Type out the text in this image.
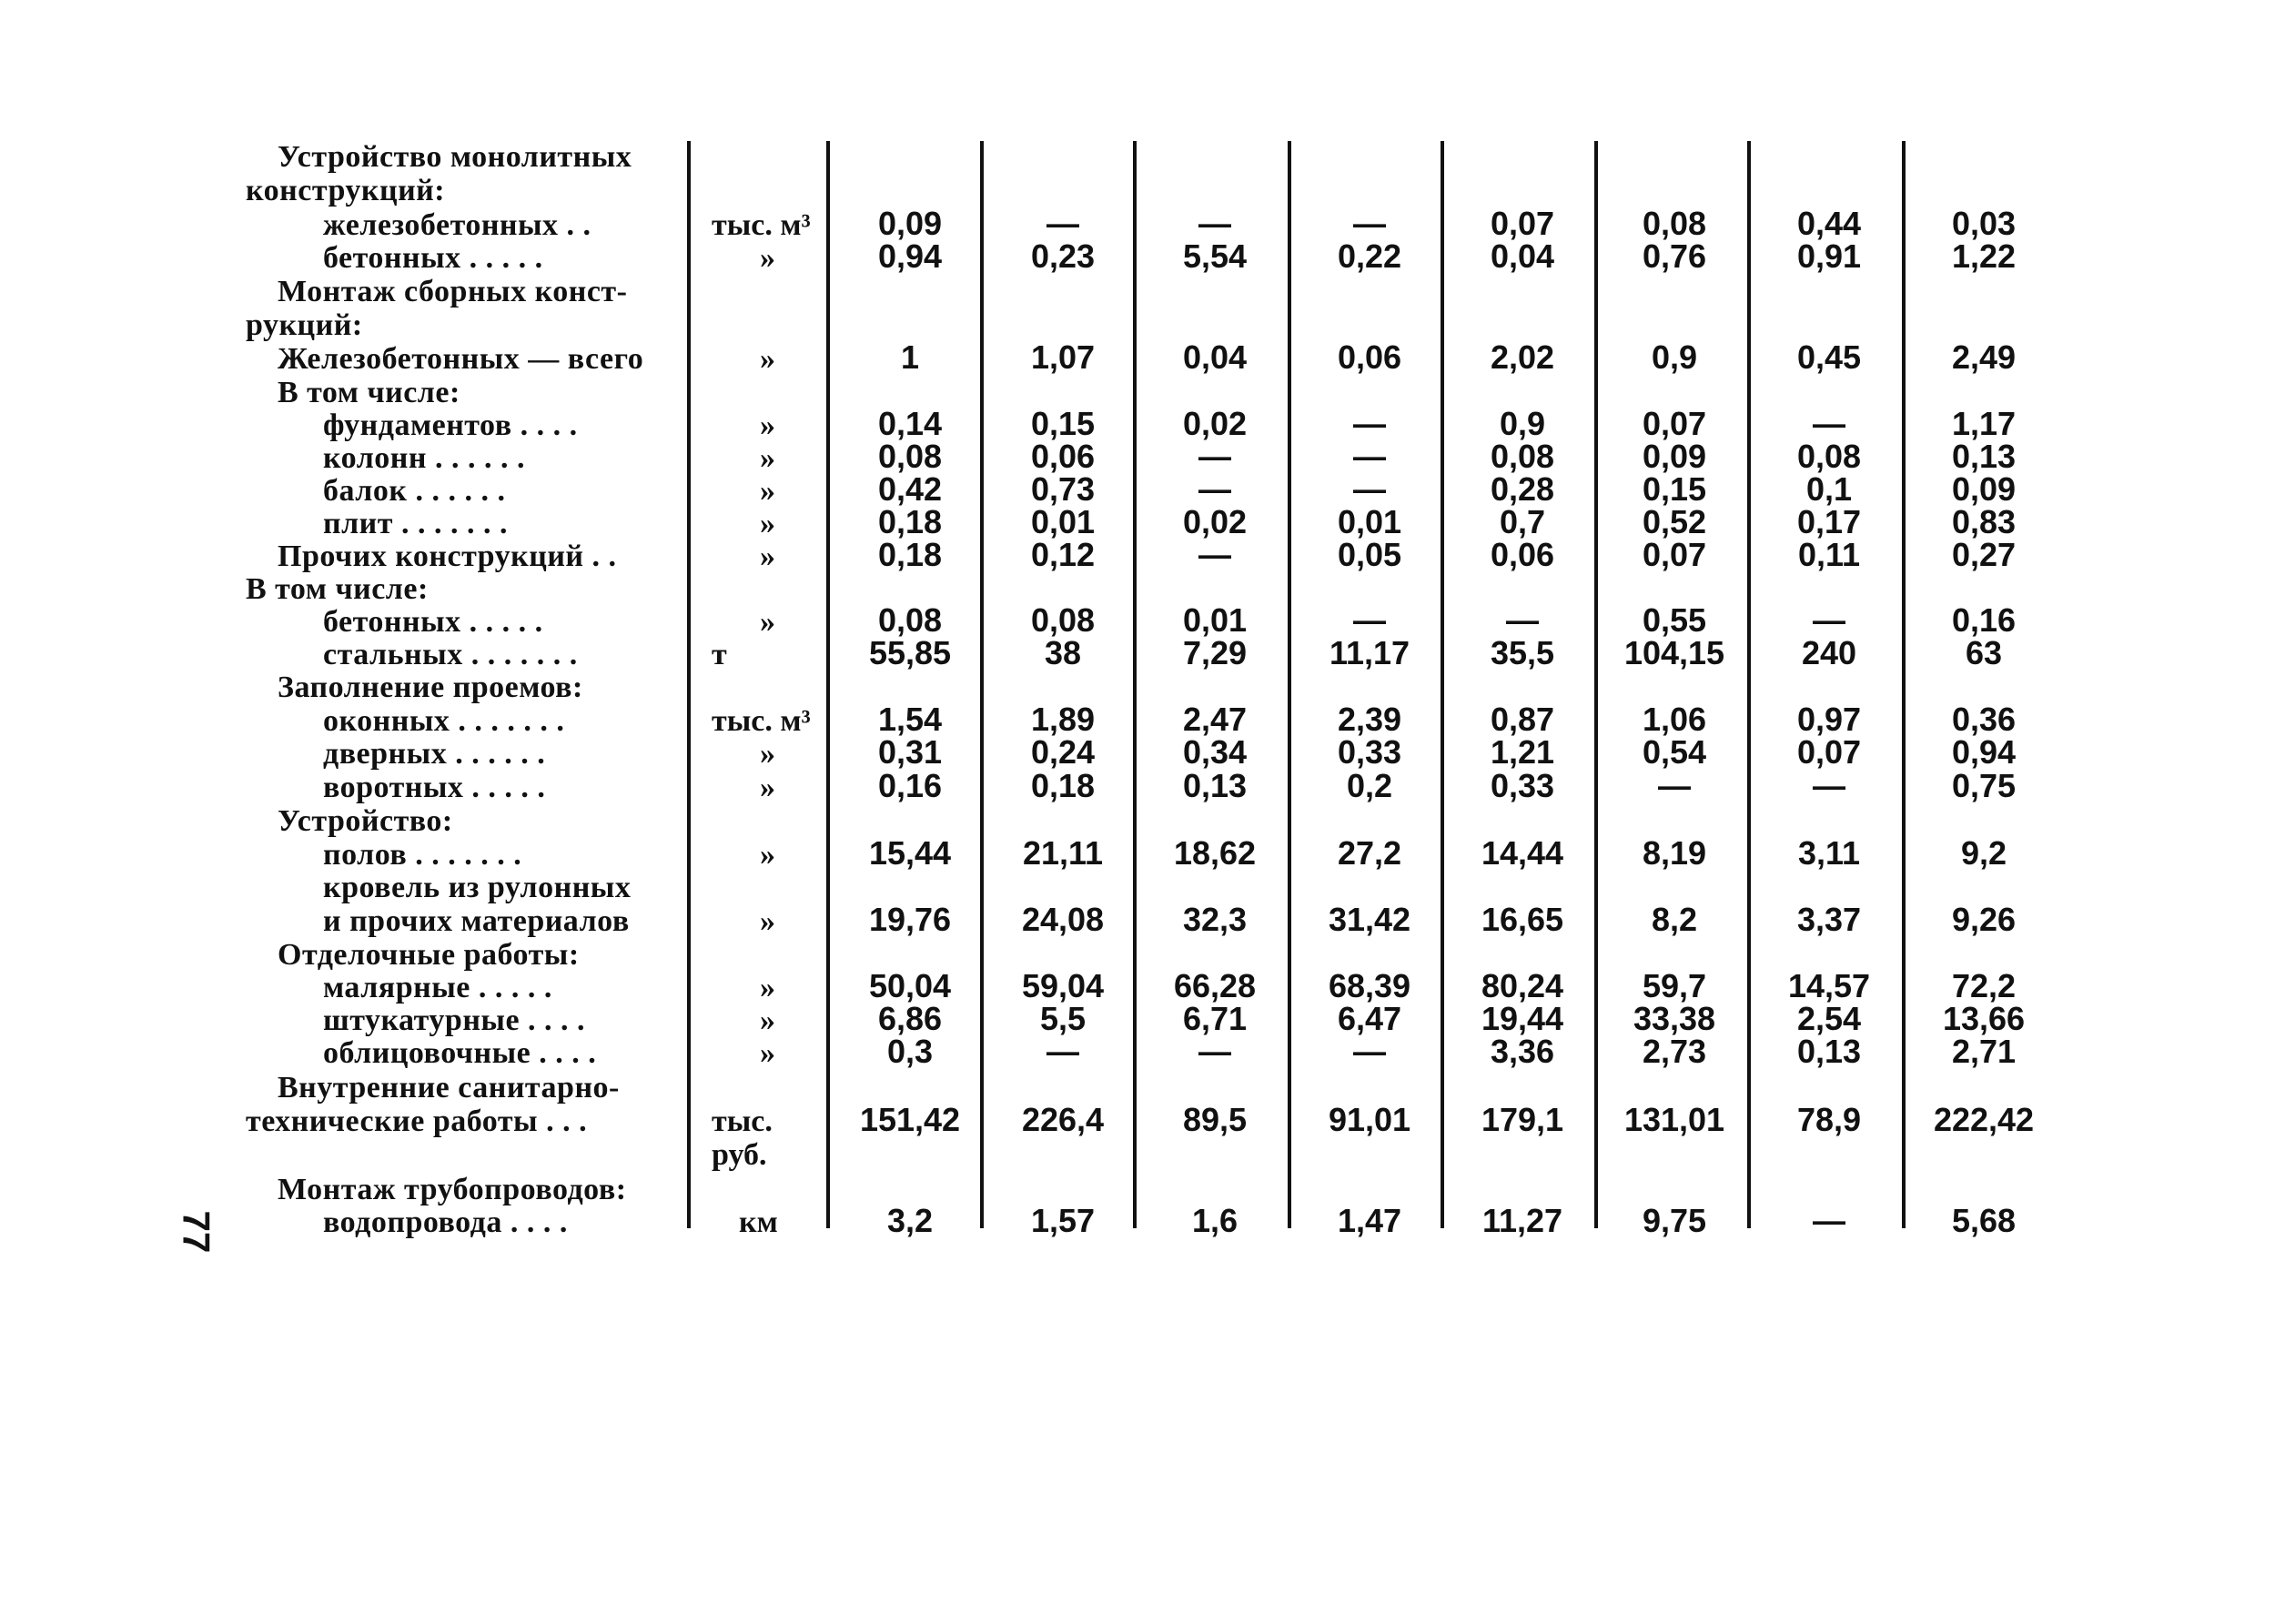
77
Устройство монолитных
конструкций:
железобетонных . .	тыс. м³	0,09	—	—	—	0,07	0,08	0,44	0,03
бетонных . . . . .	»	0,94	0,23	5,54	0,22	0,04	0,76	0,91	1,22
Монтаж сборных конст-
рукций:
Железобетонных — всего	»	1	1,07	0,04	0,06	2,02	0,9	0,45	2,49
В том числе:
фундаментов . . . .	»	0,14	0,15	0,02	—	0,9	0,07	—	1,17
колонн . . . . . .	»	0,08	0,06	—	—	0,08	0,09	0,08	0,13
балок . . . . . .	»	0,42	0,73	—	—	0,28	0,15	0,1	0,09
плит . . . . . . .	»	0,18	0,01	0,02	0,01	0,7	0,52	0,17	0,83
Прочих конструкций . .	»	0,18	0,12	—	0,05	0,06	0,07	0,11	0,27
В том числе:
бетонных . . . . .	»	0,08	0,08	0,01	—	—	0,55	—	0,16
стальных . . . . . . .	т	55,85	38	7,29	11,17	35,5	104,15	240	63
Заполнение проемов:
оконных . . . . . . .	тыс. м³	1,54	1,89	2,47	2,39	0,87	1,06	0,97	0,36
дверных . . . . . .	»	0,31	0,24	0,34	0,33	1,21	0,54	0,07	0,94
воротных . . . . .	»	0,16	0,18	0,13	0,2	0,33	—	—	0,75
Устройство:
полов . . . . . . .	»	15,44	21,11	18,62	27,2	14,44	8,19	3,11	9,2
кровель из рулонных
и прочих материалов	»	19,76	24,08	32,3	31,42	16,65	8,2	3,37	9,26
Отделочные работы:
малярные . . . . .	»	50,04	59,04	66,28	68,39	80,24	59,7	14,57	72,2
штукатурные . . . .	»	6,86	5,5	6,71	6,47	19,44	33,38	2,54	13,66
облицовочные . . . .	»	0,3	—	—	—	3,36	2,73	0,13	2,71
Внутренние санитарно-
технические работы . . .	тыс.	151,42	226,4	89,5	91,01	179,1	131,01	78,9	222,42
руб.
Монтаж трубопроводов:
водопровода . . . .	км	3,2	1,57	1,6	1,47	11,27	9,75	—	5,68
